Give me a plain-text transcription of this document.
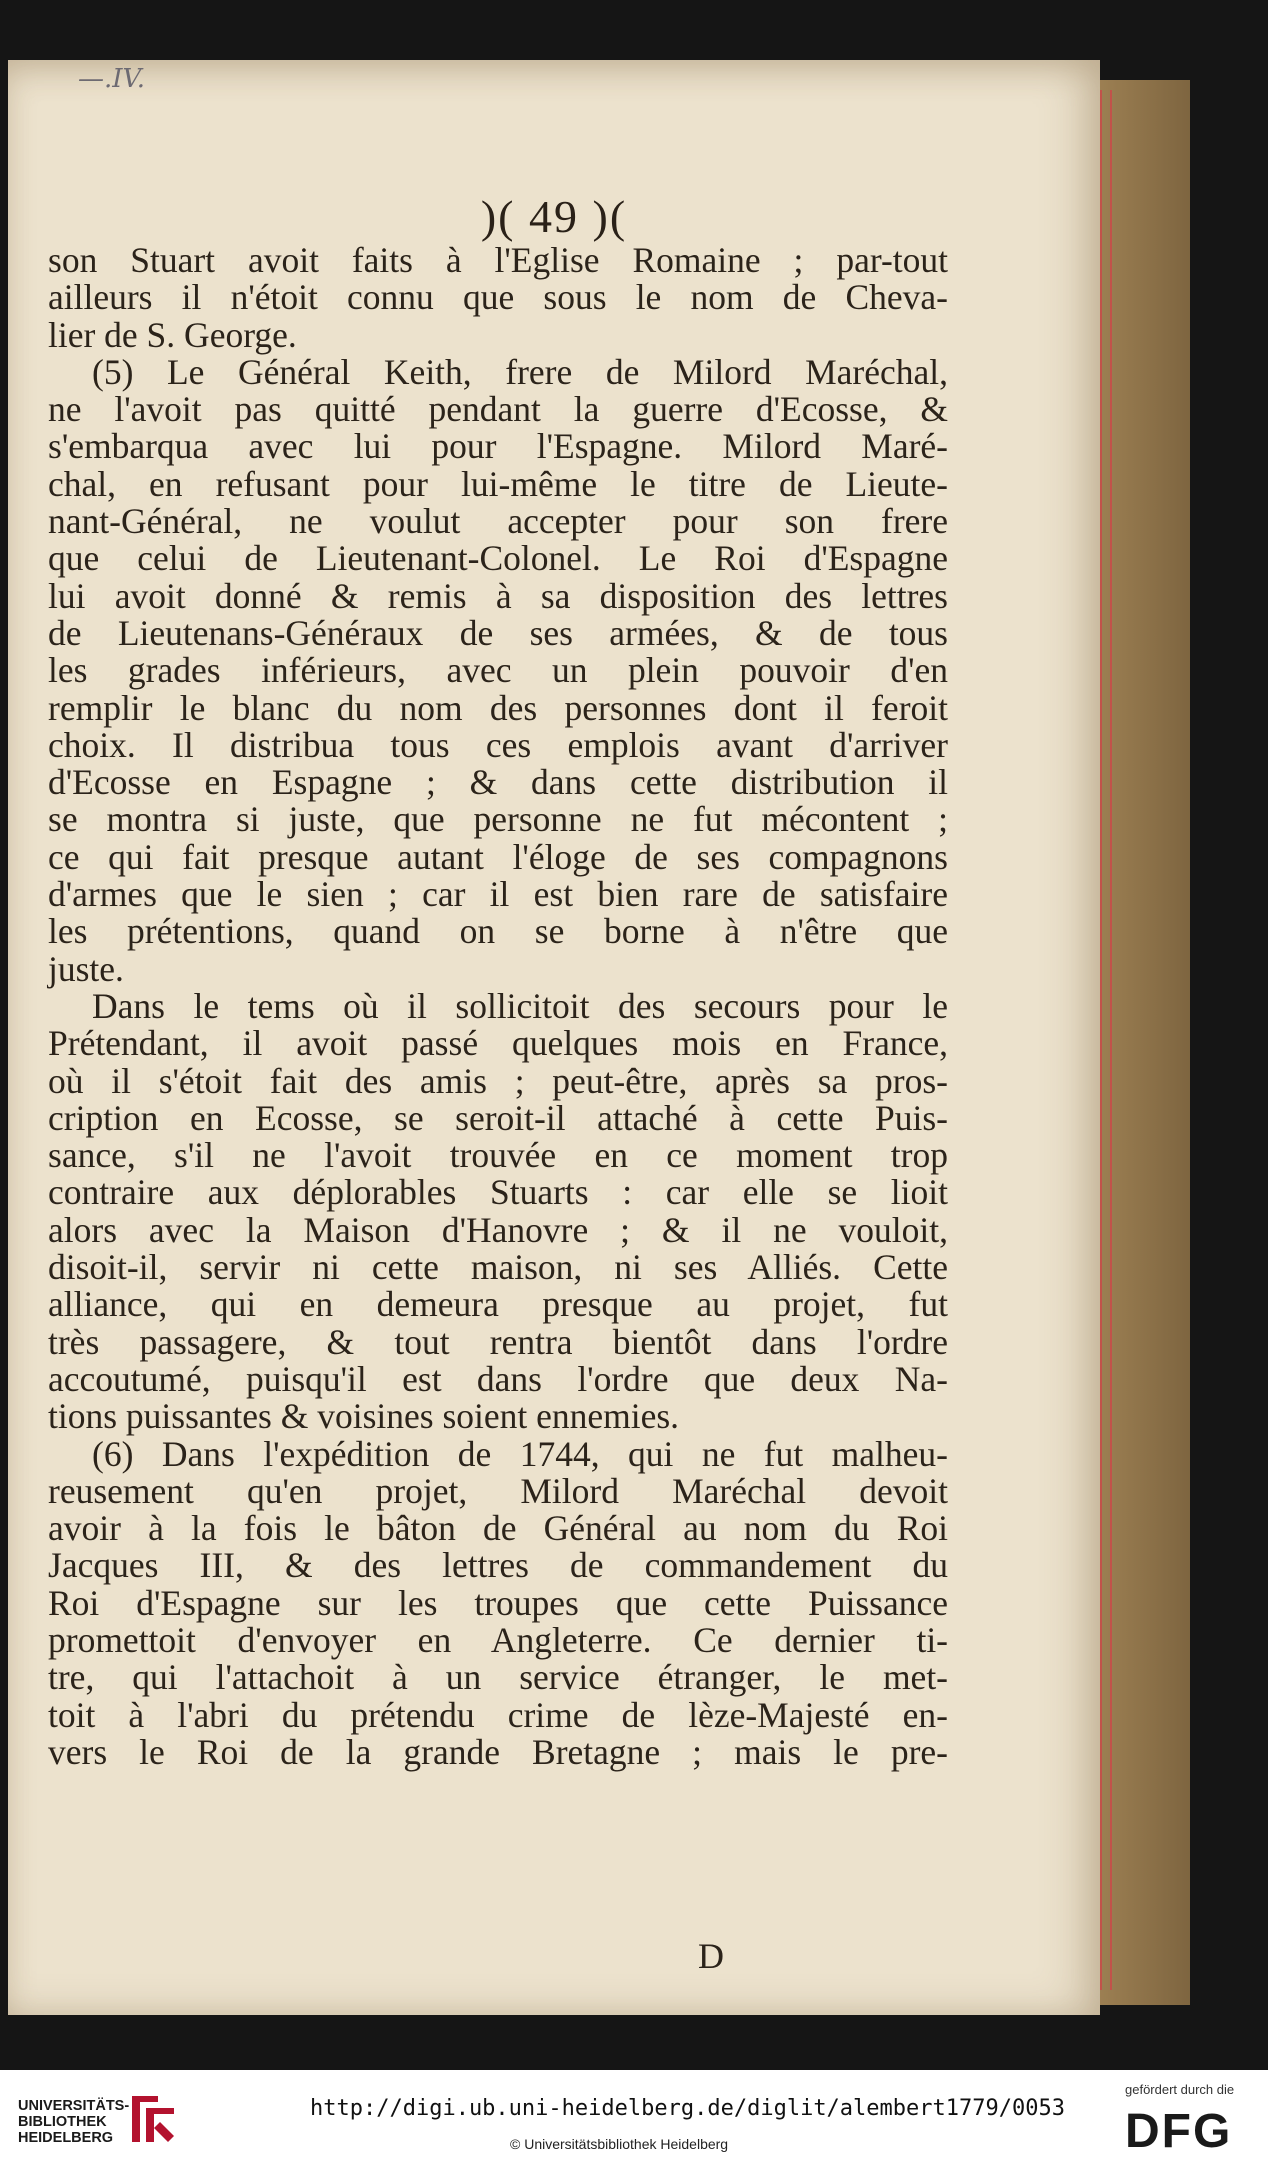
—.IV.
)( 49 )(
son Stuart avoit faits à l'Eglise Romaine ; par-tout
ailleurs il n'étoit connu que sous le nom de Cheva-
lier de S. George.
(5) Le Général Keith, frere de Milord Maréchal,
ne l'avoit pas quitté pendant la guerre d'Ecosse, &
s'embarqua avec lui pour l'Espagne. Milord Maré-
chal, en refusant pour lui-même le titre de Lieute-
nant-Général, ne voulut accepter pour son frere
que celui de Lieutenant-Colonel. Le Roi d'Espagne
lui avoit donné & remis à sa disposition des lettres
de Lieutenans-Généraux de ses armées, & de tous
les grades inférieurs, avec un plein pouvoir d'en
remplir le blanc du nom des personnes dont il feroit
choix. Il distribua tous ces emplois avant d'arriver
d'Ecosse en Espagne ; & dans cette distribution il
se montra si juste, que personne ne fut mécontent ;
ce qui fait presque autant l'éloge de ses compagnons
d'armes que le sien ; car il est bien rare de satisfaire
les prétentions, quand on se borne à n'être que
juste.
Dans le tems où il sollicitoit des secours pour le
Prétendant, il avoit passé quelques mois en France,
où il s'étoit fait des amis ; peut-être, après sa pros-
cription en Ecosse, se seroit-il attaché à cette Puis-
sance, s'il ne l'avoit trouvée en ce moment trop
contraire aux déplorables Stuarts : car elle se lioit
alors avec la Maison d'Hanovre ; & il ne vouloit,
disoit-il, servir ni cette maison, ni ses Alliés. Cette
alliance, qui en demeura presque au projet, fut
très passagere, & tout rentra bientôt dans l'ordre
accoutumé, puisqu'il est dans l'ordre que deux Na-
tions puissantes & voisines soient ennemies.
(6) Dans l'expédition de 1744, qui ne fut malheu-
reusement qu'en projet, Milord Maréchal devoit
avoir à la fois le bâton de Général au nom du Roi
Jacques III, & des lettres de commandement du
Roi d'Espagne sur les troupes que cette Puissance
promettoit d'envoyer en Angleterre. Ce dernier ti-
tre, qui l'attachoit à un service étranger, le met-
toit à l'abri du prétendu crime de lèze-Majesté en-
vers le Roi de la grande Bretagne ; mais le pre-
D
UNIVERSITÄTS-
BIBLIOTHEK
HEIDELBERG
http://digi.ub.uni-heidelberg.de/diglit/alembert1779/0053
© Universitätsbibliothek Heidelberg
gefördert durch die
DFG
